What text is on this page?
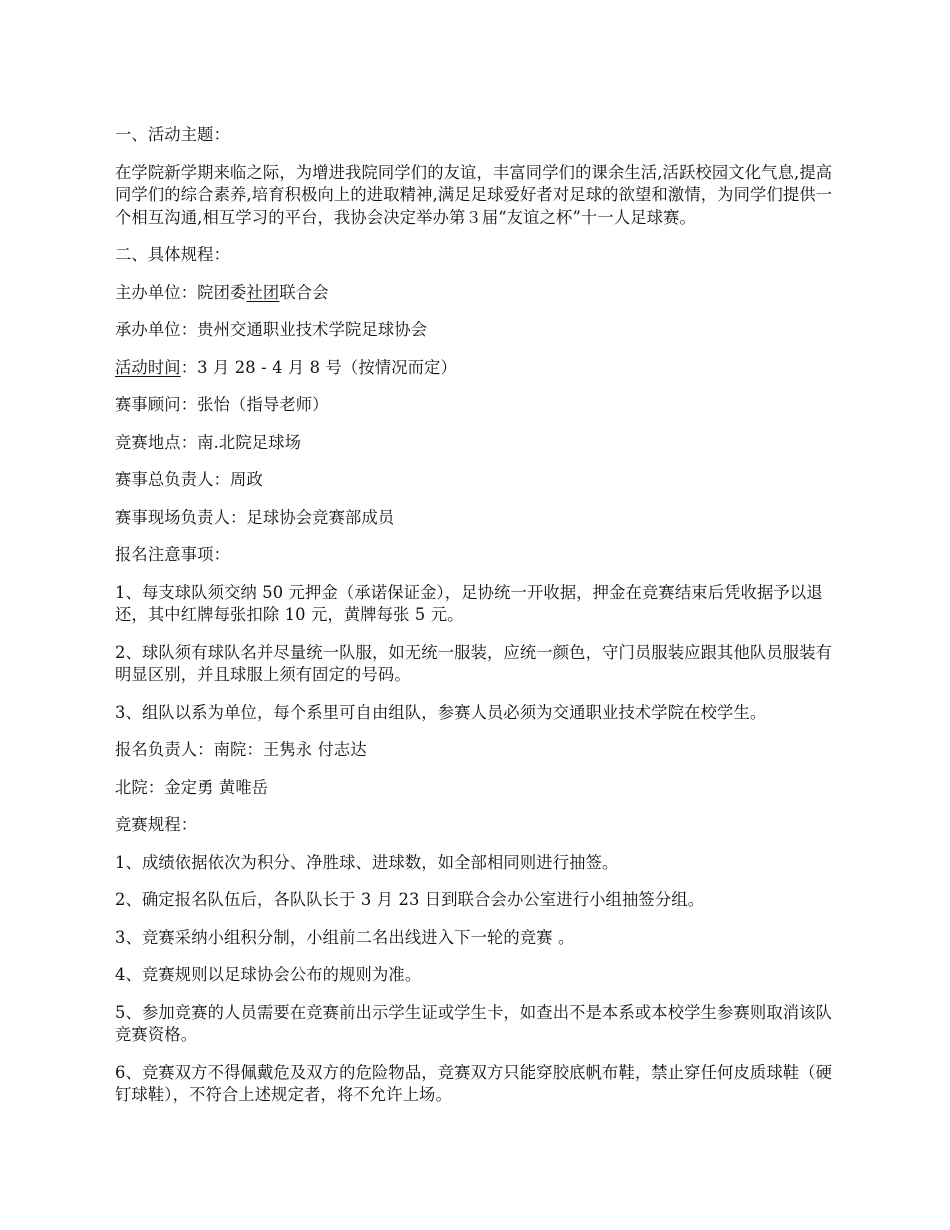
一、活动主题：

在学院新学期来临之际，为增进我院同学们的友谊，丰富同学们的课余生活,活跃校园文化气息,提高同学们的综合素养,培育积极向上的进取精神,满足足球爱好者对足球的欲望和激情，为同学们提供一个相互沟通,相互学习的平台，我协会决定举办第３届“友谊之杯”十一人足球赛。

二、具体规程：

主办单位：院团委社团联合会

承办单位：贵州交通职业技术学院足球协会

活动时间：3 月 28 - 4 月 8 号（按情况而定）

赛事顾问：张怡（指导老师）

竞赛地点：南.北院足球场

赛事总负责人：周政

赛事现场负责人：足球协会竞赛部成员

报名注意事项：

1、每支球队须交纳 50 元押金（承诺保证金），足协统一开收据，押金在竞赛结束后凭收据予以退还，其中红牌每张扣除 10 元，黄牌每张 5 元。

2、球队须有球队名并尽量统一队服，如无统一服装，应统一颜色，守门员服装应跟其他队员服装有明显区别，并且球服上须有固定的号码。

3、组队以系为单位，每个系里可自由组队，参赛人员必须为交通职业技术学院在校学生。

报名负责人：南院：王隽永 付志达

北院：金定勇 黄唯岳

竞赛规程：

1、成绩依据依次为积分、净胜球、进球数，如全部相同则进行抽签。

2、确定报名队伍后，各队队长于 3 月 23 日到联合会办公室进行小组抽签分组。

3、竞赛采纳小组积分制，小组前二名出线进入下一轮的竞赛 。

4、竞赛规则以足球协会公布的规则为准。

5、参加竞赛的人员需要在竞赛前出示学生证或学生卡，如查出不是本系或本校学生参赛则取消该队竞赛资格。

6、竞赛双方不得佩戴危及双方的危险物品，竞赛双方只能穿胶底帆布鞋，禁止穿任何皮质球鞋（硬钉球鞋），不符合上述规定者，将不允许上场。
